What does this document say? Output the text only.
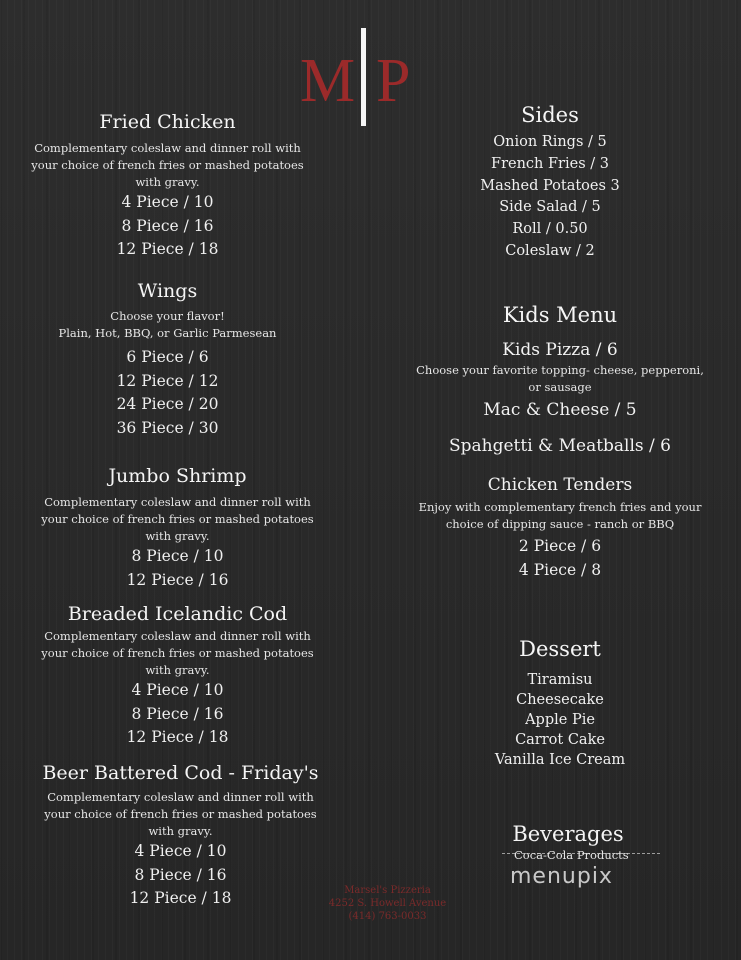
M P
Fried Chicken
Complementary coleslaw and dinner roll with
your choice of french fries or mashed potatoes
with gravy.
4 Piece / 10
8 Piece / 16
12 Piece / 18
Wings
Choose your flavor!
Plain, Hot, BBQ, or Garlic Parmesean
6 Piece / 6
12 Piece / 12
24 Piece / 20
36 Piece / 30
Jumbo Shrimp
Complementary coleslaw and dinner roll with
your choice of french fries or mashed potatoes
with gravy.
8 Piece / 10
12 Piece / 16
Breaded Icelandic Cod
Complementary coleslaw and dinner roll with
your choice of french fries or mashed potatoes
with gravy.
4 Piece / 10
8 Piece / 16
12 Piece / 18
Beer Battered Cod - Friday's
Complementary coleslaw and dinner roll with
your choice of french fries or mashed potatoes
with gravy.
4 Piece / 10
8 Piece / 16
12 Piece / 18
Sides
Onion Rings / 5
French Fries / 3
Mashed Potatoes 3
Side Salad / 5
Roll / 0.50
Coleslaw / 2
Kids Menu
Kids Pizza / 6
Choose your favorite topping- cheese, pepperoni,
or sausage
Mac & Cheese / 5
Spahgetti & Meatballs / 6
Chicken Tenders
Enjoy with complementary french fries and your
choice of dipping sauce - ranch or BBQ
2 Piece / 6
4 Piece / 8
Dessert
Tiramisu
Cheesecake
Apple Pie
Carrot Cake
Vanilla Ice Cream
Beverages
Coca-Cola Products
menupix
Marsel's Pizzeria
4252 S. Howell Avenue
(414) 763-0033
